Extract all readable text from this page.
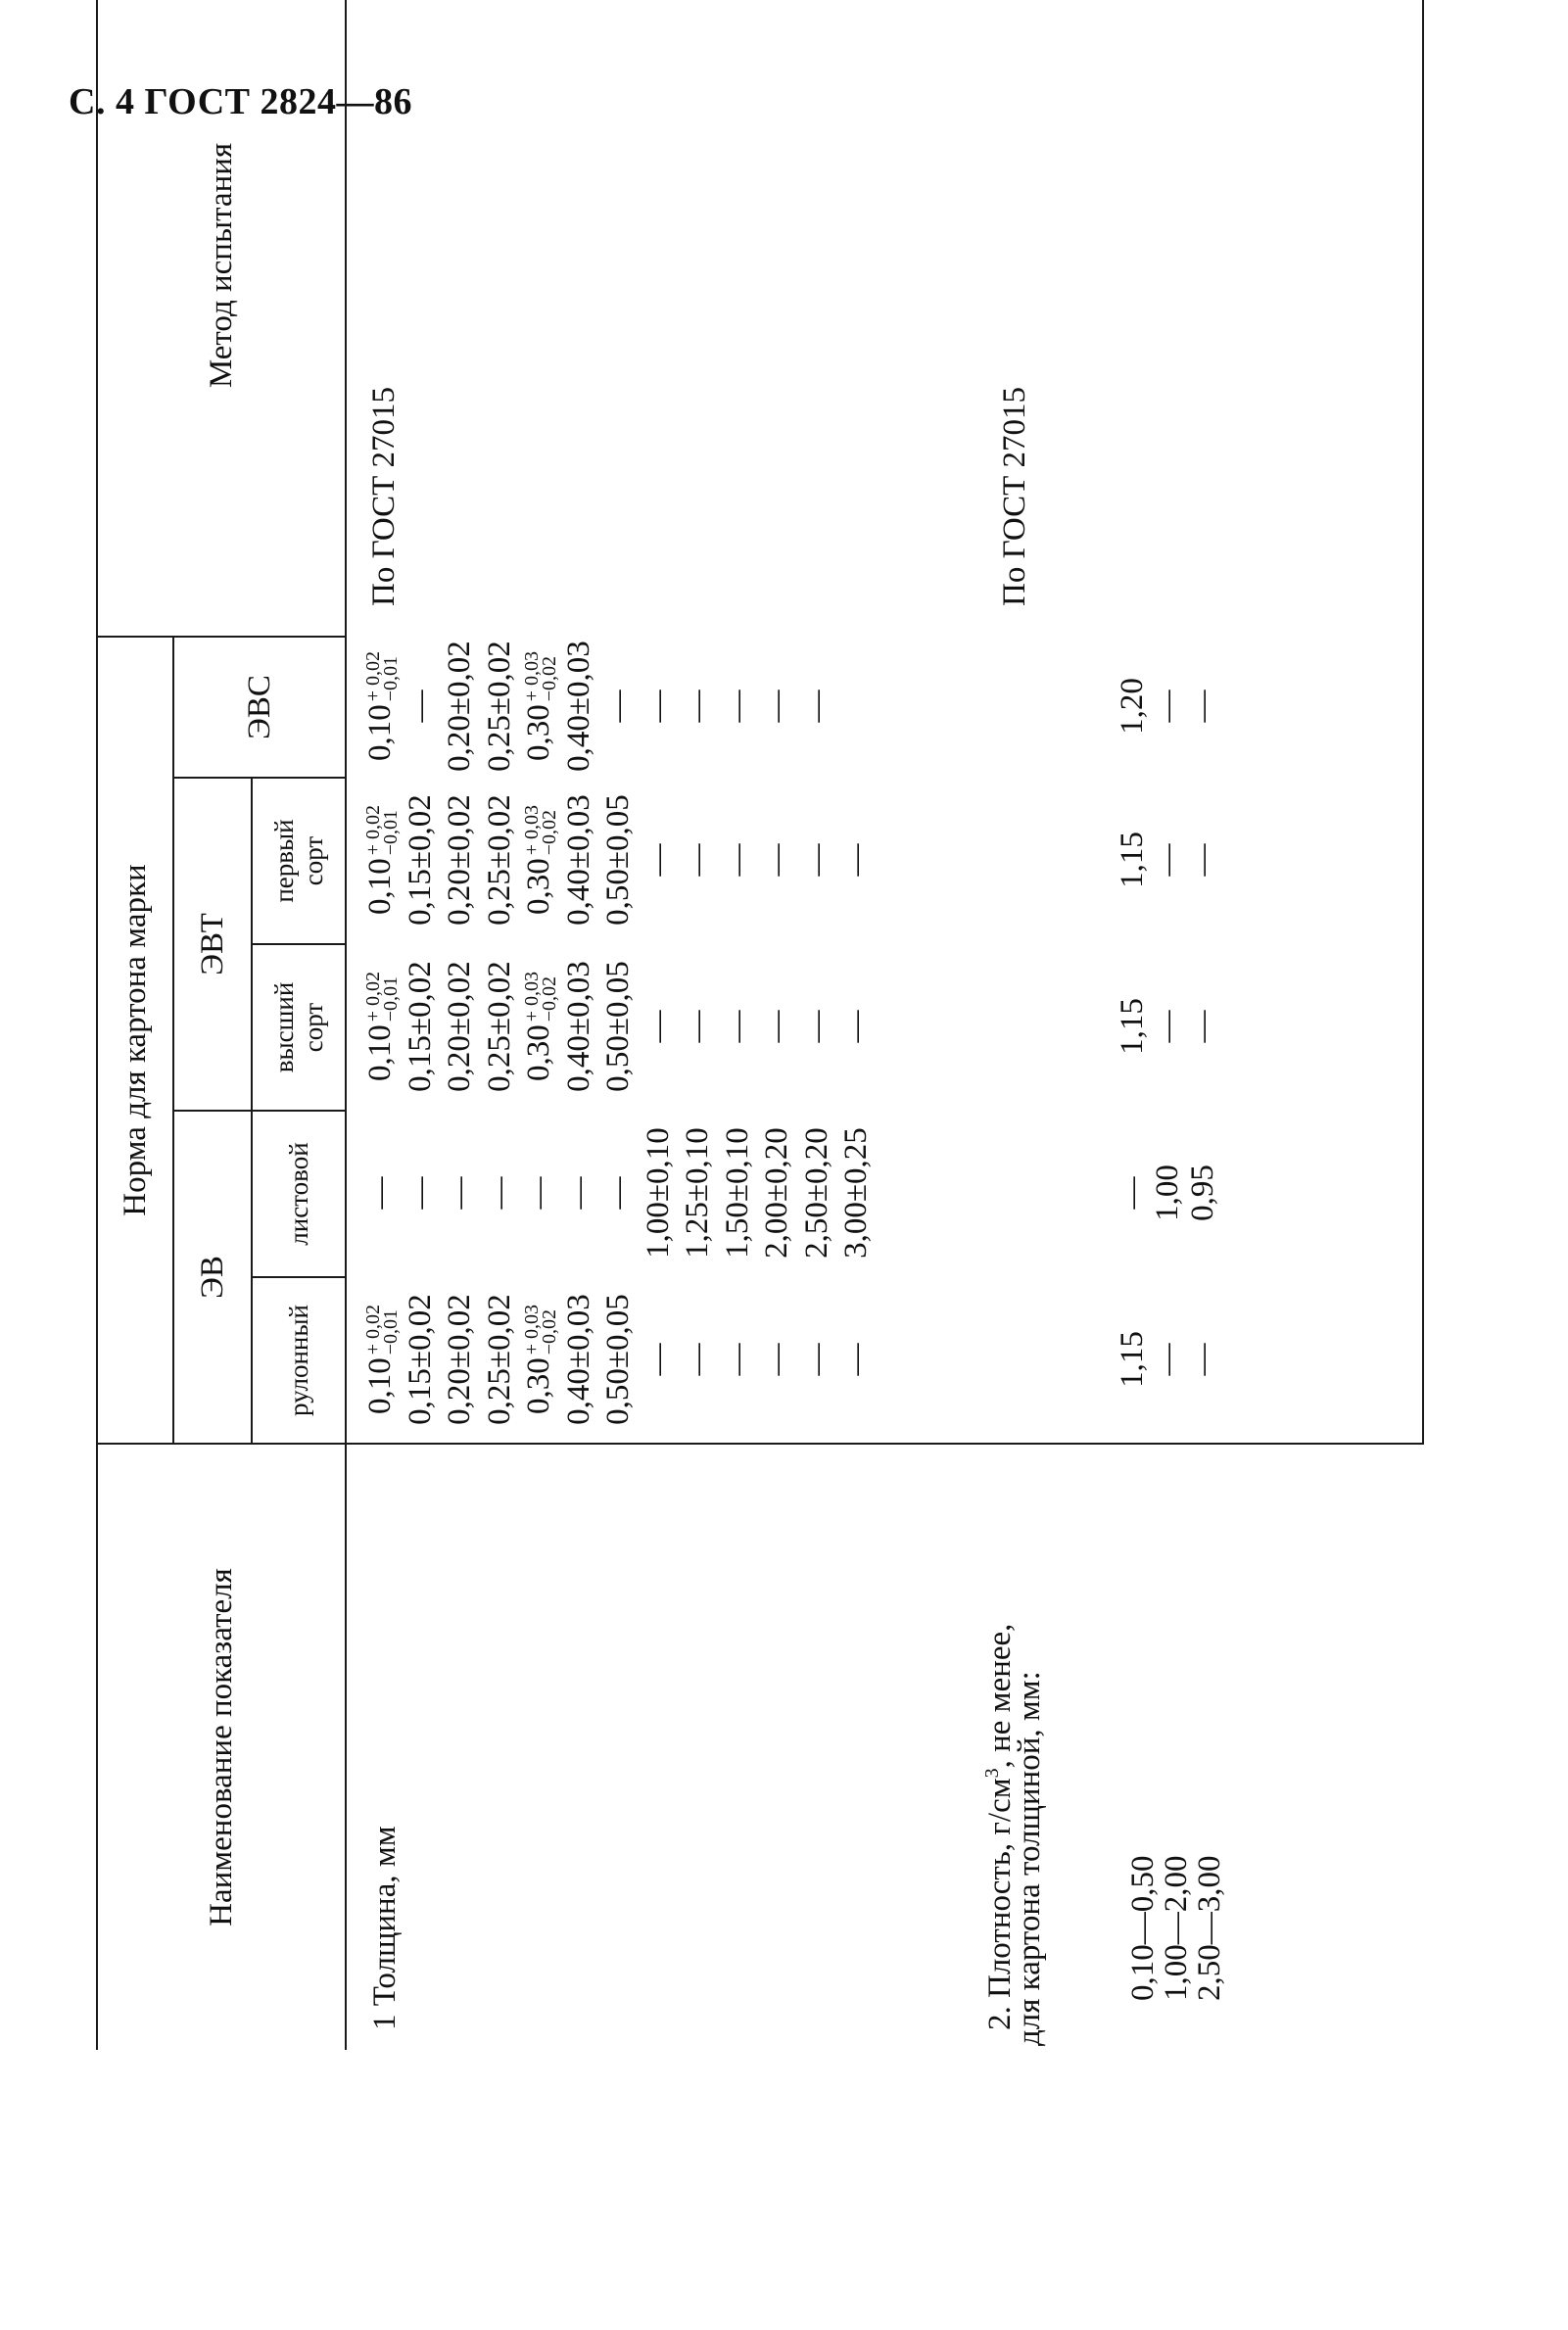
С. 4 ГОСТ 2824—86
Наименование показателя
Норма для картона марки
Метод испытания
ЭВ
ЭВТ
ЭВС
рулонный
листовой
высший сорт
первый сорт
1 Толщина, мм
По ГОСТ 27015
0,10
+ 0,02
−0,01 0,15±0,02 0,20±0,02 0,25±0,02 0,30
+ 0,03
−0,02 0,40±0,03 0,50±0,05 — — — — — —
— — — — — — — 1,00±0,10 1,25±0,10 1,50±0,10 2,00±0,20 2,50±0,20 3,00±0,25
0,10
+ 0,02
−0,01 0,15±0,02 0,20±0,02 0,25±0,02 0,30
+ 0,03
−0,02 0,40±0,03 0,50±0,05 — — — — — —
0,10
+ 0,02
−0,01 0,15±0,02 0,20±0,02 0,25±0,02 0,30
+ 0,03
−0,02 0,40±0,03 0,50±0,05 — — — — — —
0,10
+ 0,02
−0,01
— 0,20±0,02 0,25±0,02 0,30
+ 0,03
−0,02 0,40±0,03 — — — — — —
2. Плотность, $г/см^3$, не менее,
для картона толщиной, мм: 0,10—0,50
1,00—2,00
2,50—3,00
По ГОСТ 27015
1,15 — —
— 1,00 0,95
1,15 — —
1,15 — —
1,20 — —
